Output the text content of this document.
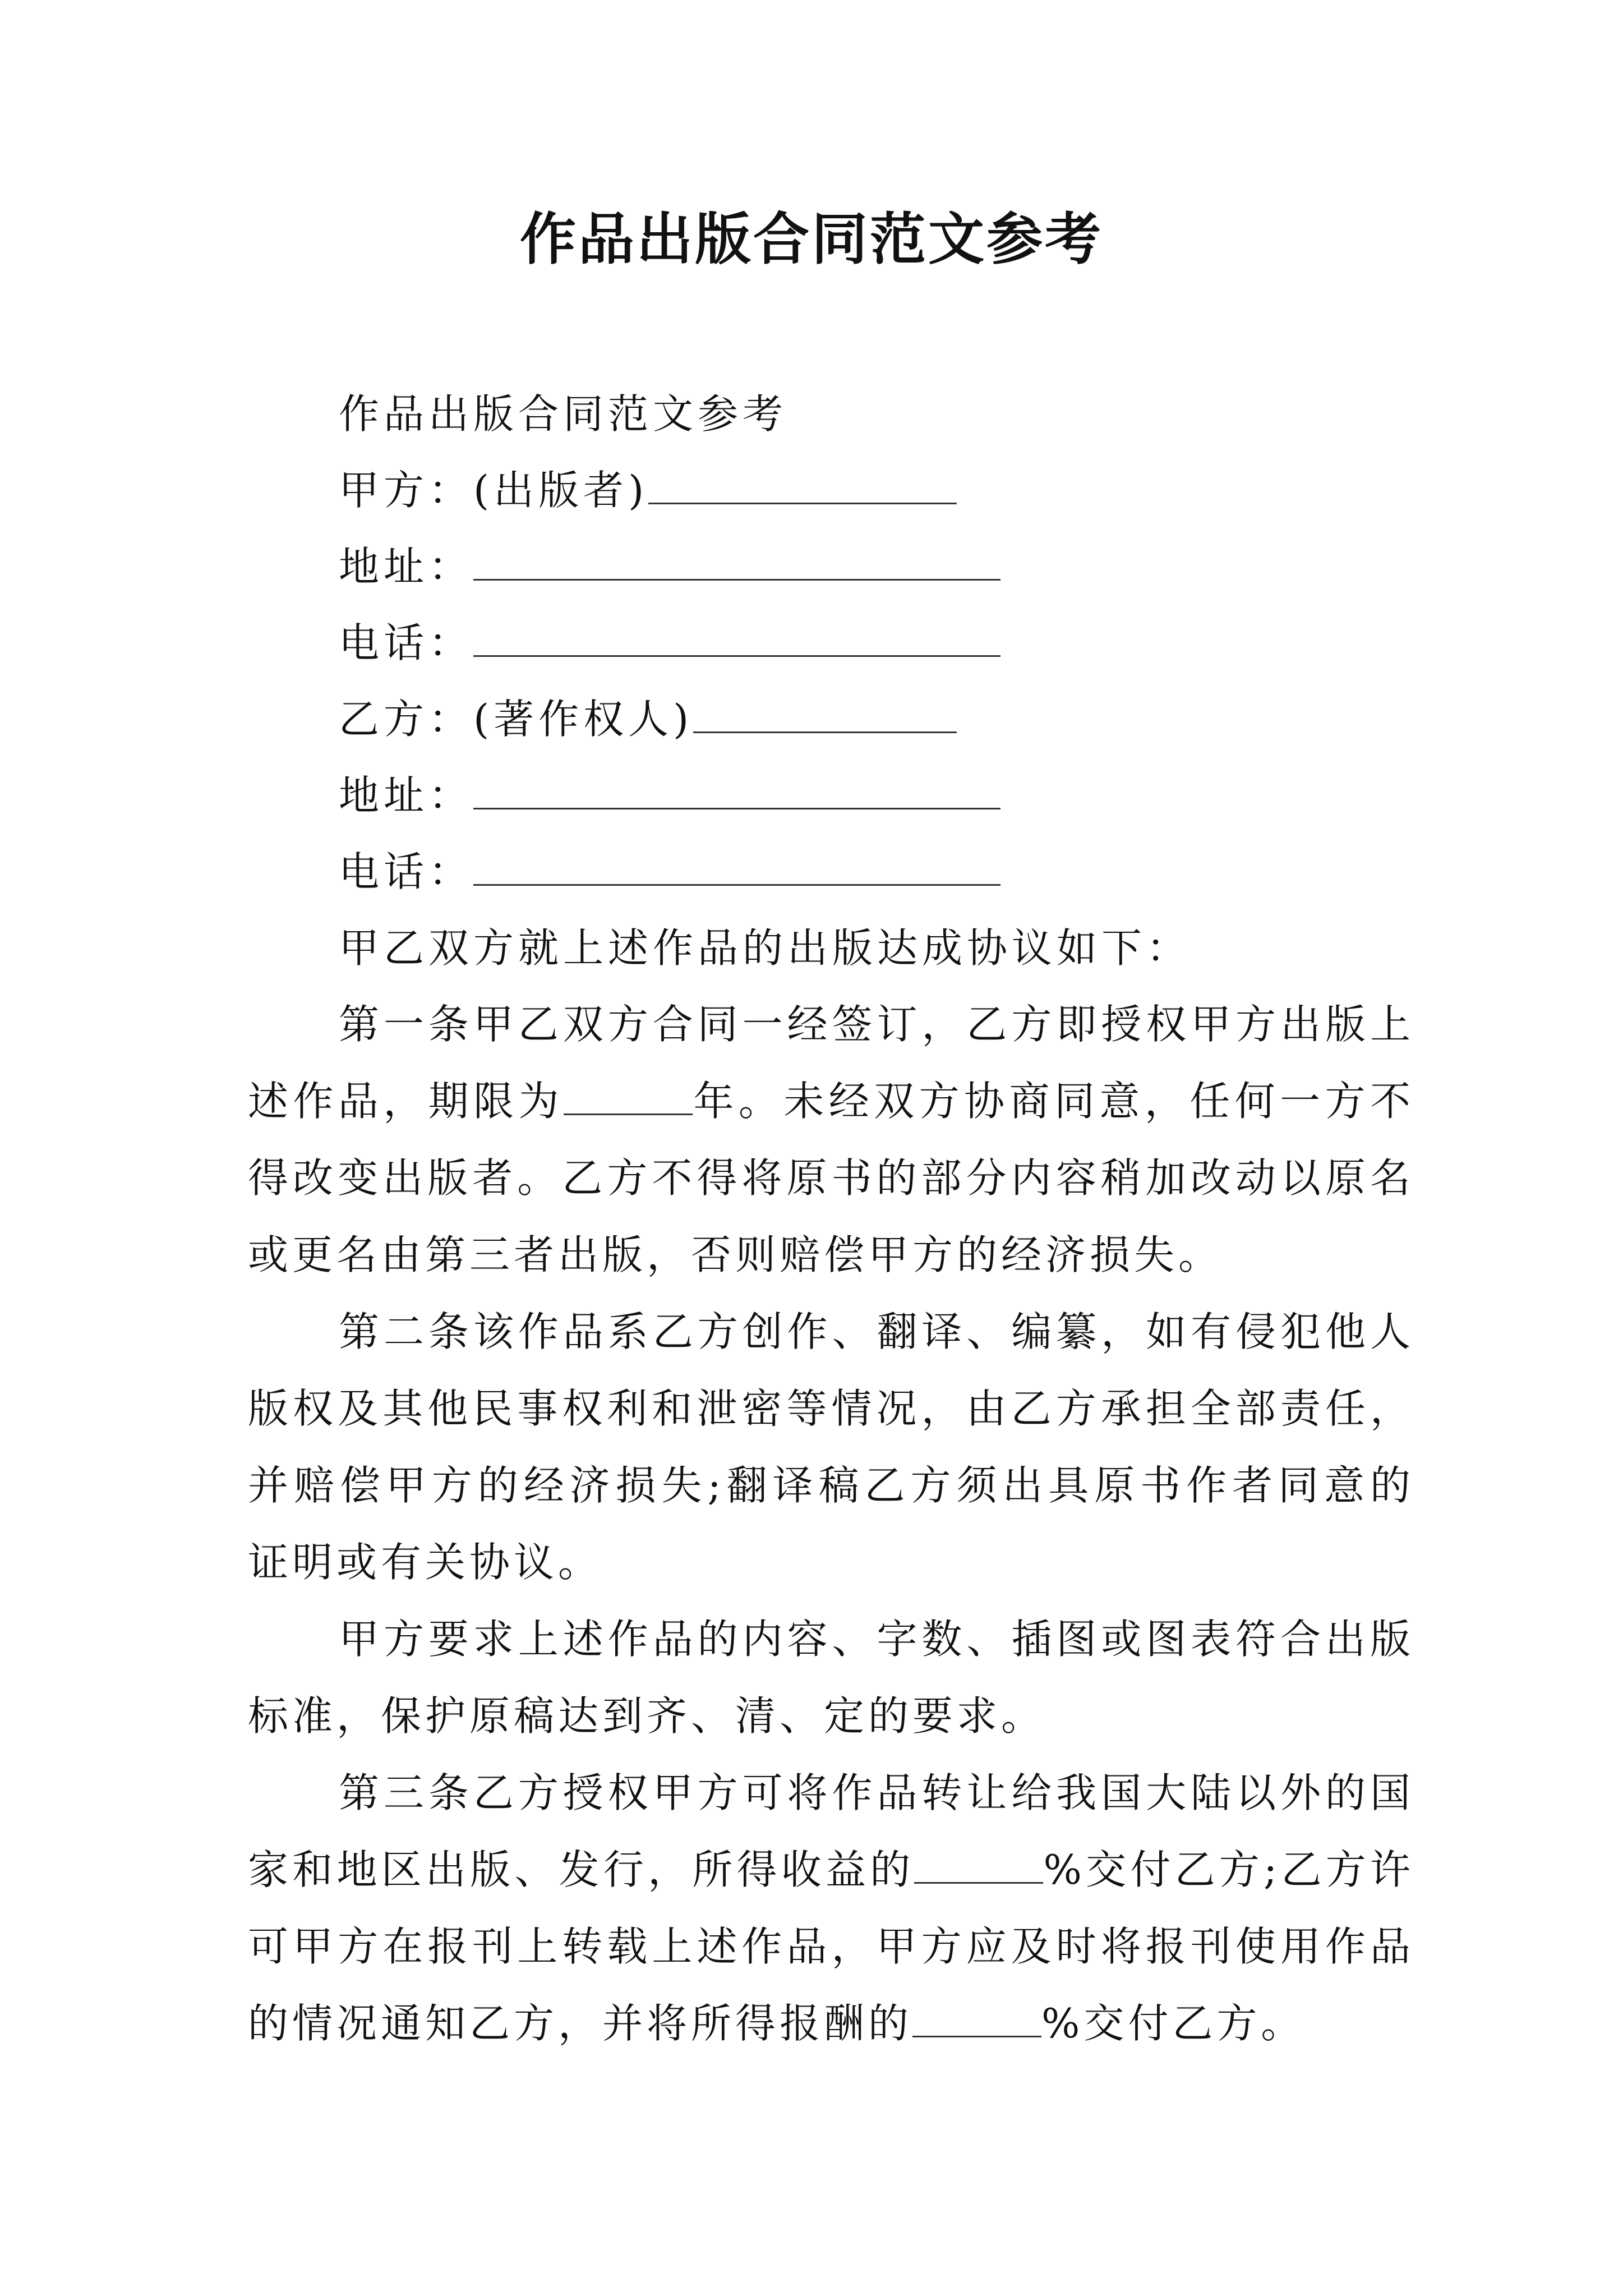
作品出版合同范文参考
作品出版合同范文参考
甲方：(出版者)
地址：
电话：
乙方：(著作权人)
地址：
电话：
甲乙双方就上述作品的出版达成协议如下：

第一条甲乙双方合同一经签订，乙方即授权甲方出版上述作品，期限为	年。未经双方协商同意，任何一方不得改变出版者。乙方不得将原书的部分内容稍加改动以原名或更名由第三者出版，否则赔偿甲方的经济损失。

第二条该作品系乙方创作、翻译、编纂，如有侵犯他人版权及其他民事权利和泄密等情况，由乙方承担全部责任，并赔偿甲方的经济损失;翻译稿乙方须出具原书作者同意的证明或有关协议。

甲方要求上述作品的内容、字数、插图或图表符合出版标准，保护原稿达到齐、清、定的要求。

第三条乙方授权甲方可将作品转让给我国大陆以外的国家和地区出版、发行，所得收益的	%交付乙方;乙方许可甲方在报刊上转载上述作品，甲方应及时将报刊使用作品的情况通知乙方，并将所得报酬的	%交付乙方。
